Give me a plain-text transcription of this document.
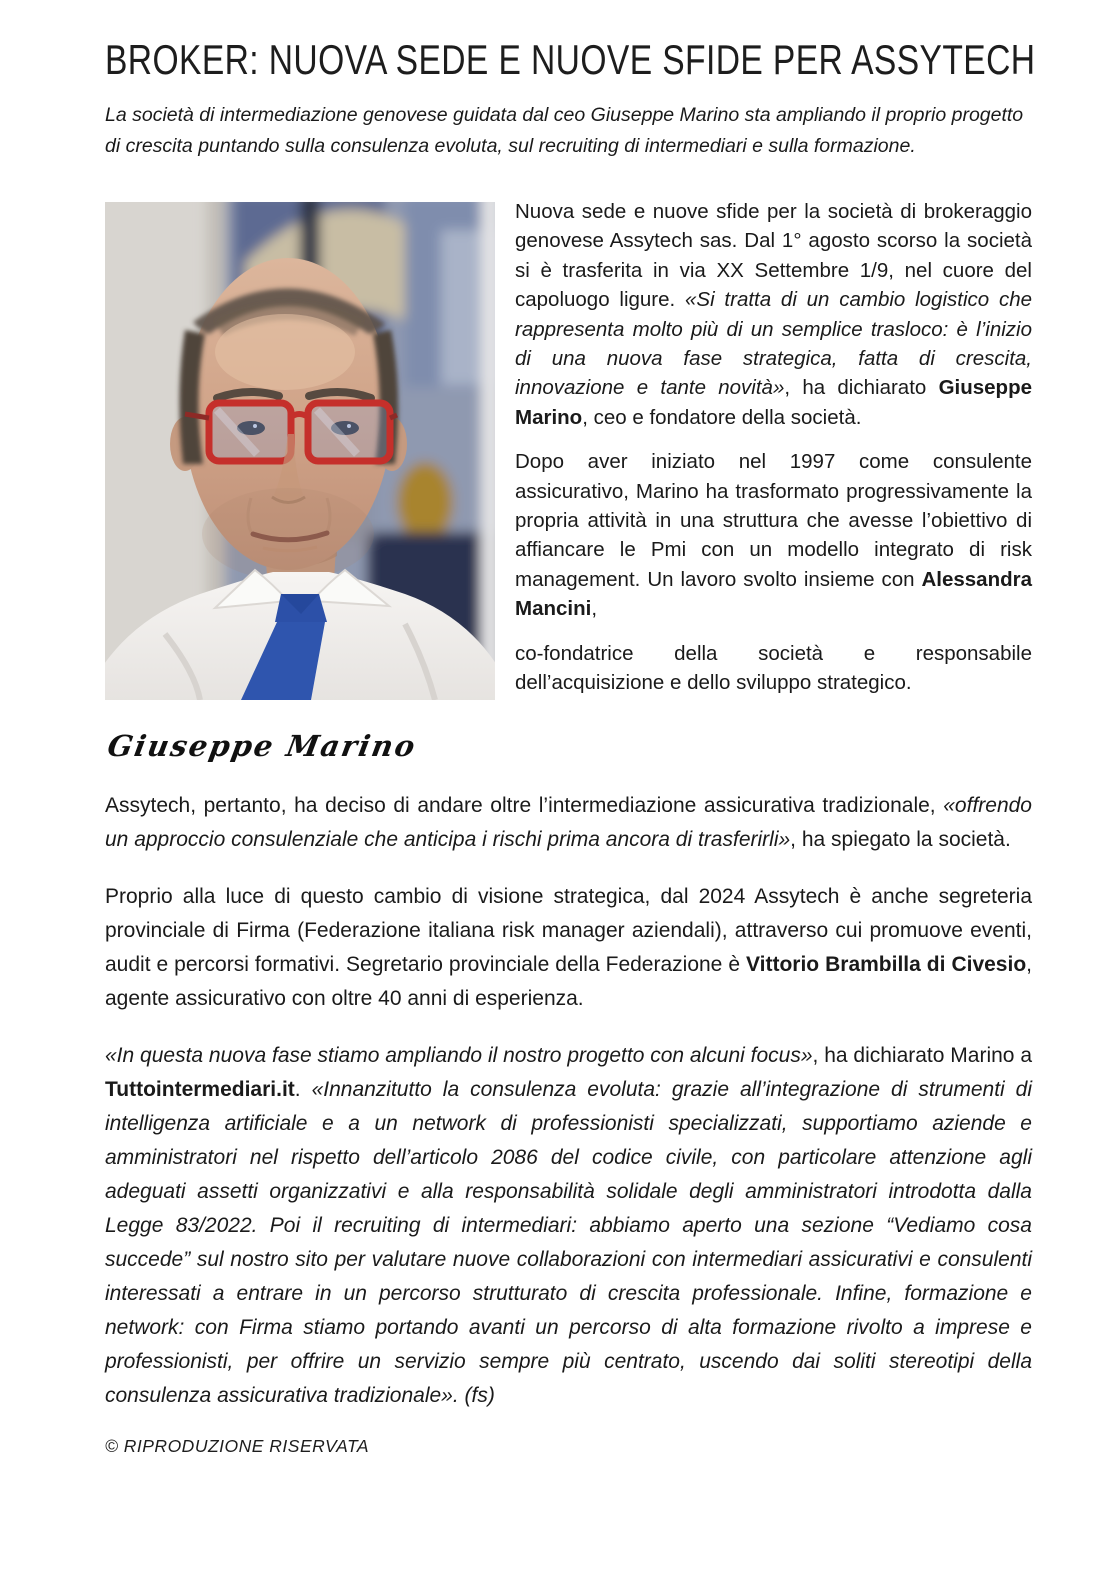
BROKER: NUOVA SEDE E NUOVE SFIDE PER ASSYTECH

La società di intermediazione genovese guidata dal ceo Giuseppe Marino sta ampliando il proprio progetto di crescita puntando sulla consulenza evoluta, sul recruiting di intermediari e sulla formazione.

Nuova sede e nuove sfide per la società di brokeraggio genovese Assytech sas. Dal 1° agosto scorso la società si è trasferita in via XX Settembre 1/9, nel cuore del capoluogo ligure. «Si tratta di un cambio logistico che rappresenta molto più di un semplice trasloco: è l’inizio di una nuova fase strategica, fatta di crescita, innovazione e tante novità», ha dichiarato Giuseppe Marino, ceo e fondatore della società.

Dopo aver iniziato nel 1997 come consulente assicurativo, Marino ha trasformato progressivamente la propria attività in una struttura che avesse l’obiettivo di affiancare le Pmi con un modello integrato di risk management. Un lavoro svolto insieme con Alessandra Mancini,

co-fondatrice della società e responsabile dell’acquisizione e dello sviluppo strategico.

Giuseppe Marino

Assytech, pertanto, ha deciso di andare oltre l’intermediazione assicurativa tradizionale, «offrendo un approccio consulenziale che anticipa i rischi prima ancora di trasferirli», ha spiegato la società.

Proprio alla luce di questo cambio di visione strategica, dal 2024 Assytech è anche segreteria provinciale di Firma (Federazione italiana risk manager aziendali), attraverso cui promuove eventi, audit e percorsi formativi. Segretario provinciale della Federazione è Vittorio Brambilla di Civesio, agente assicurativo con oltre 40 anni di esperienza.

«In questa nuova fase stiamo ampliando il nostro progetto con alcuni focus», ha dichiarato Marino a Tuttointermediari.it. «Innanzitutto la consulenza evoluta: grazie all’integrazione di strumenti di intelligenza artificiale e a un network di professionisti specializzati, supportiamo aziende e amministratori nel rispetto dell’articolo 2086 del codice civile, con particolare attenzione agli adeguati assetti organizzativi e alla responsabilità solidale degli amministratori introdotta dalla Legge 83/2022. Poi il recruiting di intermediari: abbiamo aperto una sezione “Vediamo cosa succede” sul nostro sito per valutare nuove collaborazioni con intermediari assicurativi e consulenti interessati a entrare in un percorso strutturato di crescita professionale. Infine, formazione e network: con Firma stiamo portando avanti un percorso di alta formazione rivolto a imprese e professionisti, per offrire un servizio sempre più centrato, uscendo dai soliti stereotipi della consulenza assicurativa tradizionale». (fs)

© RIPRODUZIONE RISERVATA
